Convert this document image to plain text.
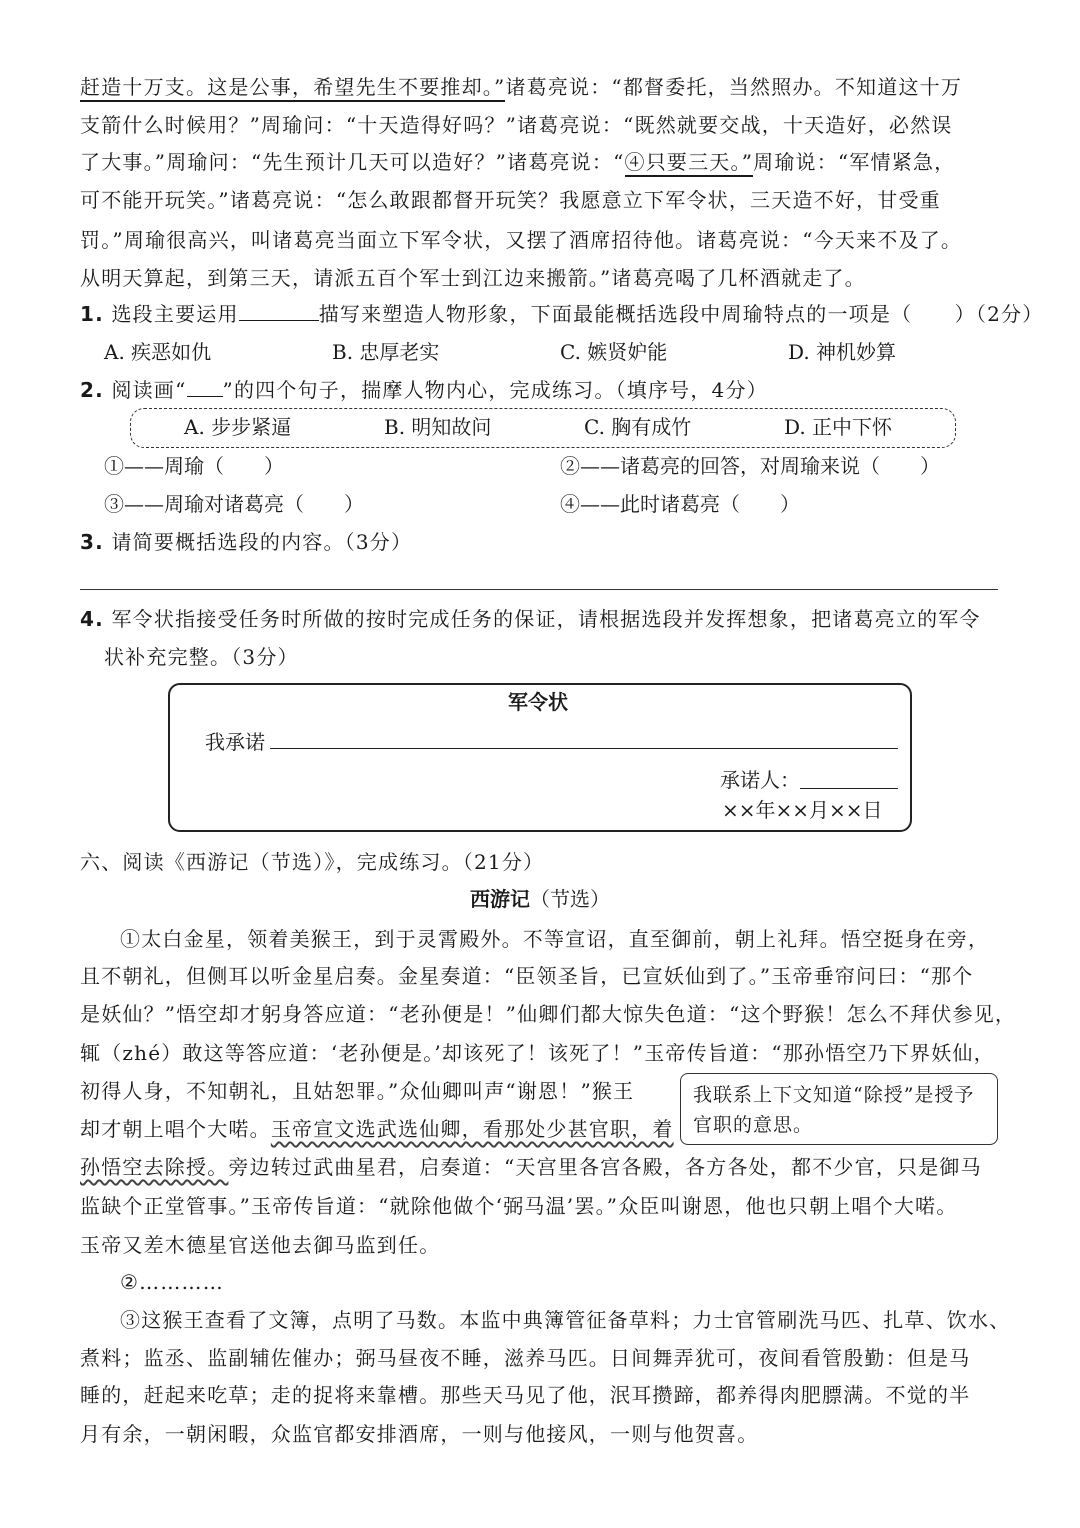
赶造十万支。这是公事，希望先生不要推却。”诸葛亮说：“都督委托，当然照办。不知道这十万
支箭什么时候用？”周瑜问：“十天造得好吗？”诸葛亮说：“既然就要交战，十天造好，必然误
了大事。”周瑜问：“先生预计几天可以造好？”诸葛亮说：“④只要三天。”周瑜说：“军情紧急，
可不能开玩笑。”诸葛亮说：“怎么敢跟都督开玩笑？我愿意立下军令状，三天造不好，甘受重
罚。”周瑜很高兴，叫诸葛亮当面立下军令状，又摆了酒席招待他。诸葛亮说：“今天来不及了。
从明天算起，到第三天，请派五百个军士到江边来搬箭。”诸葛亮喝了几杯酒就走了。
1. 选段主要运用	描写来塑造人物形象，下面最能概括选段中周瑜特点的一项是（　　）（2分）
A. 疾恶如仇	B. 忠厚老实	C. 嫉贤妒能	D. 神机妙算
2. 阅读画“ ”的四个句子，揣摩人物内心，完成练习。（填序号，4分）
A. 步步紧逼	B. 明知故问	C. 胸有成竹	D. 正中下怀
①——周瑜（　　）	②——诸葛亮的回答，对周瑜来说（　　）
③——周瑜对诸葛亮（　　）	④——此时诸葛亮（　　）
3. 请简要概括选段的内容。（3分）
4. 军令状指接受任务时所做的按时完成任务的保证，请根据选段并发挥想象，把诸葛亮立的军令
状补充完整。（3分）
军令状
我承诺
承诺人：
××年××月××日
六、阅读《西游记（节选）》，完成练习。（21分）
西游记（节选）
①太白金星，领着美猴王，到于灵霄殿外。不等宣诏，直至御前，朝上礼拜。悟空挺身在旁，
且不朝礼，但侧耳以听金星启奏。金星奏道：“臣领圣旨，已宣妖仙到了。”玉帝垂帘问曰：“那个
是妖仙？”悟空却才躬身答应道：“老孙便是！”仙卿们都大惊失色道：“这个野猴！怎么不拜伏参见，
辄（zhé）敢这等答应道：‘老孙便是。’却该死了！该死了！”玉帝传旨道：“那孙悟空乃下界妖仙，
初得人身，不知朝礼，且姑恕罪。”众仙卿叫声“谢恩！”猴王
却才朝上唱个大喏。玉帝宣文选武选仙卿，看那处少甚官职，着
孙悟空去除授。旁边转过武曲星君，启奏道：“天宫里各宫各殿，各方各处，都不少官，只是御马
监缺个正堂管事。”玉帝传旨道：“就除他做个‘弼马温’罢。”众臣叫谢恩，他也只朝上唱个大喏。
玉帝又差木德星官送他去御马监到任。
我联系上下文知道“除授”是授予官职的意思。
②…………
③这猴王查看了文簿，点明了马数。本监中典簿管征备草料；力士官管刷洗马匹、扎草、饮水、
煮料；监丞、监副辅佐催办；弼马昼夜不睡，滋养马匹。日间舞弄犹可，夜间看管殷勤：但是马
睡的，赶起来吃草；走的捉将来靠槽。那些天马见了他，泯耳攒蹄，都养得肉肥膘满。不觉的半
月有余，一朝闲暇，众监官都安排酒席，一则与他接风，一则与他贺喜。
